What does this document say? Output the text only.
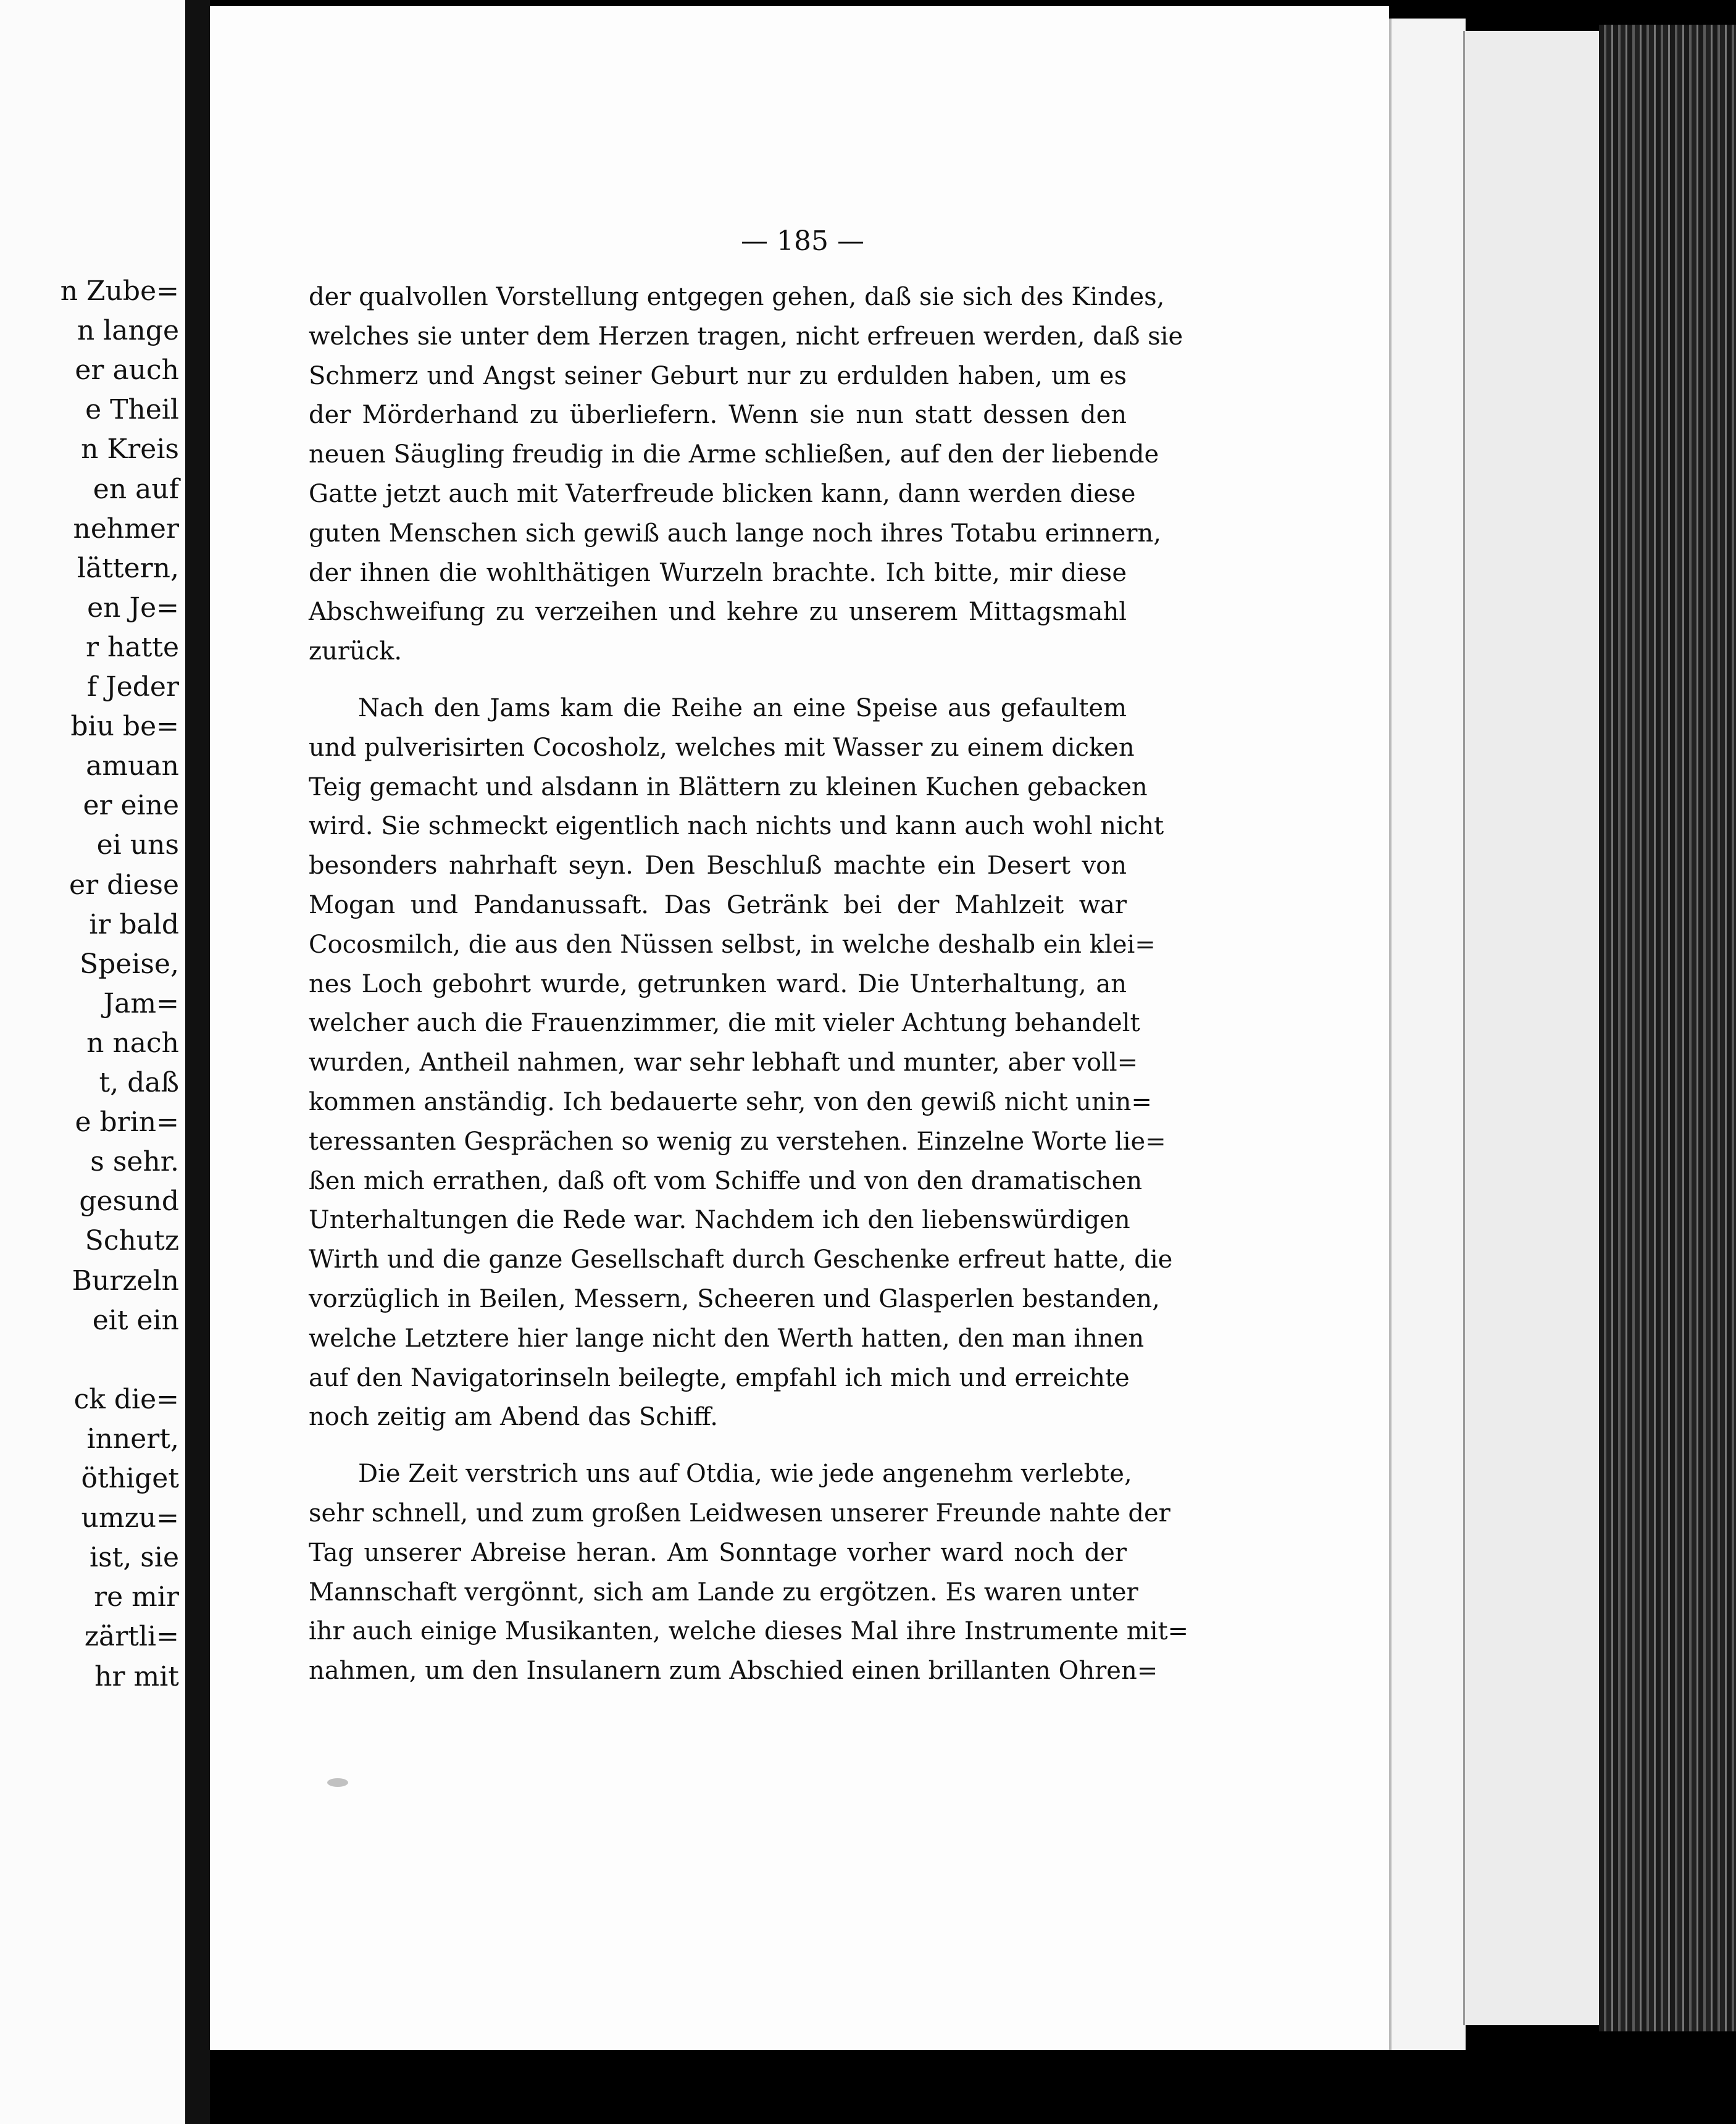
n Zube=
n lange
er auch
e Theil
n Kreis
en auf
nehmer
lättern,
en Je=
r hatte
f Jeder
biu be=
amuan
er eine
ei uns
er diese
ir bald
Speise,
Jam=
n nach
t, daß
e brin=
s sehr.
gesund
Schutz
Burzeln
eit ein
ck die=
innert,
öthiget
umzu=
ist, sie
re mir
zärtli=
hr mit
— 185 —

der qualvollen Vorstellung entgegen gehen, daß sie sich des Kindes,
welches sie unter dem Herzen tragen, nicht erfreuen werden, daß sie
Schmerz und Angst seiner Geburt nur zu erdulden haben, um es
der Mörderhand zu überliefern. Wenn sie nun statt dessen den
neuen Säugling freudig in die Arme schließen, auf den der liebende
Gatte jetzt auch mit Vaterfreude blicken kann, dann werden diese
guten Menschen sich gewiß auch lange noch ihres Totabu erinnern,
der ihnen die wohlthätigen Wurzeln brachte. Ich bitte, mir diese
Abschweifung zu verzeihen und kehre zu unserem Mittagsmahl
zurück.

Nach den Jams kam die Reihe an eine Speise aus gefaultem
und pulverisirten Cocosholz, welches mit Wasser zu einem dicken
Teig gemacht und alsdann in Blättern zu kleinen Kuchen gebacken
wird. Sie schmeckt eigentlich nach nichts und kann auch wohl nicht
besonders nahrhaft seyn. Den Beschluß machte ein Desert von
Mogan und Pandanussaft. Das Getränk bei der Mahlzeit war
Cocosmilch, die aus den Nüssen selbst, in welche deshalb ein klei=
nes Loch gebohrt wurde, getrunken ward. Die Unterhaltung, an
welcher auch die Frauenzimmer, die mit vieler Achtung behandelt
wurden, Antheil nahmen, war sehr lebhaft und munter, aber voll=
kommen anständig. Ich bedauerte sehr, von den gewiß nicht unin=
teressanten Gesprächen so wenig zu verstehen. Einzelne Worte lie=
ßen mich errathen, daß oft vom Schiffe und von den dramatischen
Unterhaltungen die Rede war. Nachdem ich den liebenswürdigen
Wirth und die ganze Gesellschaft durch Geschenke erfreut hatte, die
vorzüglich in Beilen, Messern, Scheeren und Glasperlen bestanden,
welche Letztere hier lange nicht den Werth hatten, den man ihnen
auf den Navigatorinseln beilegte, empfahl ich mich und erreichte
noch zeitig am Abend das Schiff.

Die Zeit verstrich uns auf Otdia, wie jede angenehm verlebte,
sehr schnell, und zum großen Leidwesen unserer Freunde nahte der
Tag unserer Abreise heran. Am Sonntage vorher ward noch der
Mannschaft vergönnt, sich am Lande zu ergötzen. Es waren unter
ihr auch einige Musikanten, welche dieses Mal ihre Instrumente mit=
nahmen, um den Insulanern zum Abschied einen brillanten Ohren=
